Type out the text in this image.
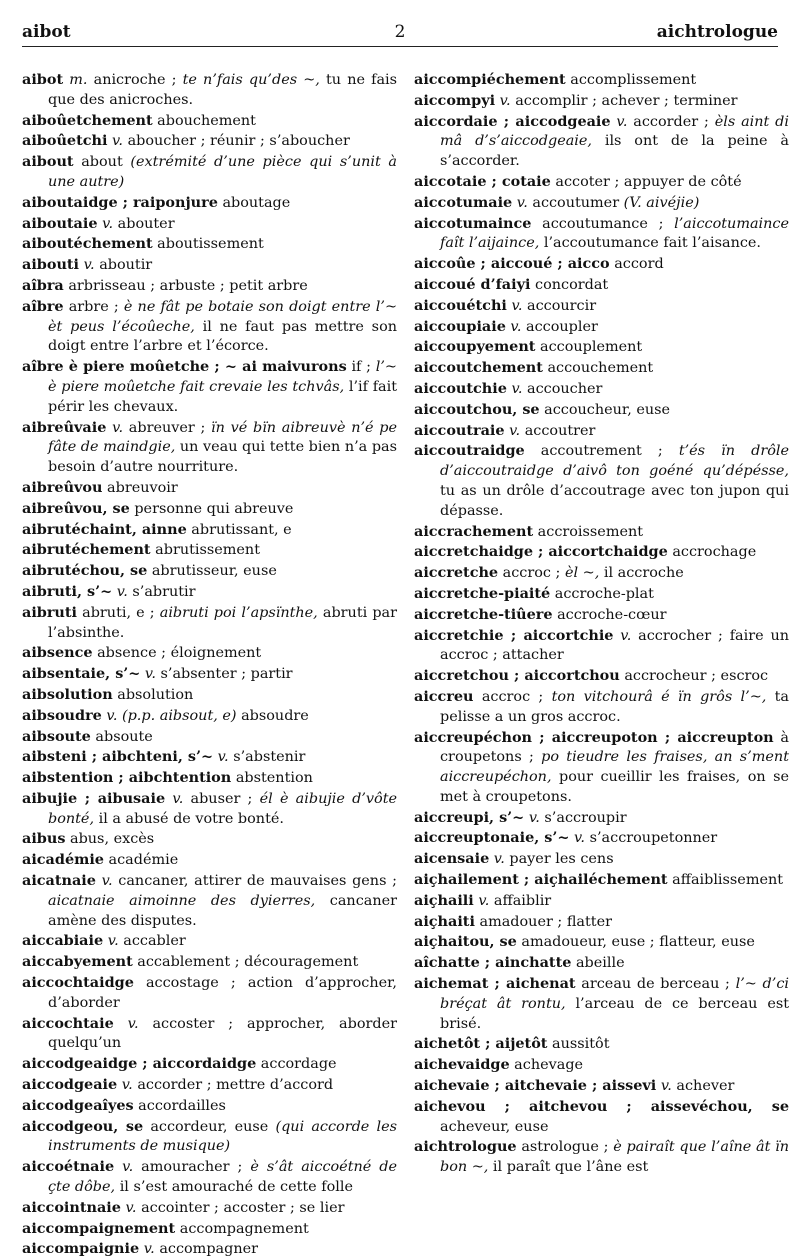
aibot	2	aichtrologue

aibot m. anicroche ; te n’fais qu’des ~, tu ne fais que des anicroches.

aiboûetchement abouchement

aiboûetchi v. aboucher ; réunir ; s’aboucher

aibout about (extrémité d’une pièce qui s’unit à une autre)

aiboutaidge ; raiponjure aboutage

aiboutaie v. abouter

aiboutéchement aboutissement

aibouti v. aboutir

aîbra arbrisseau ; arbuste ; petit arbre

aîbre arbre ; è ne fât pe botaie son doigt entre l’~ èt peus l’écoûeche, il ne faut pas mettre son doigt entre l’arbre et l’écorce.

aîbre è piere moûetche ; ~ ai maivurons if ; l’~ è piere moûetche fait crevaie les tchvâs, l’if fait périr les chevaux.

aibreûvaie v. abreuver ; ïn vé bïn aibreuvè n’é pe fâte de maindgie, un veau qui tette bien n’a pas besoin d’autre nourriture.

aibreûvou abreuvoir

aibreûvou, se personne qui abreuve

aibrutéchaint, ainne abrutissant, e

aibrutéchement abrutissement

aibrutéchou, se abrutisseur, euse

aibruti, s’~ v. s’abrutir

aibruti abruti, e ; aibruti poi l’apsïnthe, abruti par l’absinthe.

aibsence absence ; éloignement

aibsentaie, s’~ v. s’absenter ; partir

aibsolution absolution

aibsoudre v. (p.p. aibsout, e) absoudre

aibsoute absoute

aibsteni ; aibchteni, s’~ v. s’abstenir

aibstention ; aibchtention abstention

aibujie ; aibusaie v. abuser ; él è aibujie d’vôte bonté, il a abusé de votre bonté.

aibus abus, excès

aicadémie académie

aicatnaie v. cancaner, attirer de mauvaises gens ; aicatnaie aimoinne des dyierres, cancaner amène des disputes.

aiccabiaie v. accabler

aiccabyement accablement ; découragement

aiccochtaidge accostage ; action d’approcher, d’aborder

aiccochtaie v. accoster ; approcher, aborder quelqu’un

aiccodgeaidge ; aiccordaidge accordage

aiccodgeaie v. accorder ; mettre d’accord

aiccodgeaîyes accordailles

aiccodgeou, se accordeur, euse (qui accorde les instruments de musique)

aiccoétnaie v. amouracher ; è s’ât aiccoétné de çte dôbe, il s’est amouraché de cette folle

aiccointnaie v. accointer ; accoster ; se lier

aiccompaignement accompagnement

aiccompaignie v. accompagner

aiccompiéchement accomplissement

aiccompyi v. accomplir ; achever ; terminer

aiccordaie ; aiccodgeaie v. accorder ; èls aint di mâ d’s’aiccodgeaie, ils ont de la peine à s’accorder.

aiccotaie ; cotaie accoter ; appuyer de côté

aiccotumaie v. accoutumer (V. aivéjie)

aiccotumaince accoutumance ; l’aiccotumaince faît l’aijaince, l’accoutumance fait l’aisance.

aiccoûe ; aiccoué ; aicco accord

aiccoué d’faiyi concordat

aiccouétchi v. accourcir

aiccoupiaie v. accoupler

aiccoupyement accouplement

aiccoutchement accouchement

aiccoutchie v. accoucher

aiccoutchou, se accoucheur, euse

aiccoutraie v. accoutrer

aiccoutraidge accoutrement ; t’és ïn drôle d’aiccoutraidge d’aivô ton goéné qu’dépésse, tu as un drôle d’accoutrage avec ton jupon qui dépasse.

aiccrachement accroissement

aiccretchaidge ; aiccortchaidge accrochage

aiccretche accroc ; èl ~, il accroche

aiccretche-piaité accroche-plat

aiccretche-tiûere accroche-cœur

aiccretchie ; aiccortchie v. accrocher ; faire un accroc ; attacher

aiccretchou ; aiccortchou accrocheur ; escroc

aiccreu accroc ; ton vitchourâ é ïn grôs l’~, ta pelisse a un gros accroc.

aiccreupéchon ; aiccreupoton ; aiccreupton à croupetons ; po tieudre les fraises, an s’ment aiccreupéchon, pour cueillir les fraises, on se met à croupetons.

aiccreupi, s’~ v. s’accroupir

aiccreuptonaie, s’~ v. s’accroupetonner

aicensaie v. payer les cens

aiçhailement ; aiçhailéchement affaiblissement

aiçhaili v. affaiblir

aiçhaiti amadouer ; flatter

aiçhaitou, se amadoueur, euse ; flatteur, euse

aîchatte ; ainchatte abeille

aichemat ; aichenat arceau de berceau ; l’~ d’ci bréçat ât rontu, l’arceau de ce berceau est brisé.

aichetôt ; aijetôt aussitôt

aichevaidge achevage

aichevaie ; aitchevaie ; aissevi v. achever

aichevou ; aitchevou ; aissevéchou, se acheveur, euse

aichtrologue astrologue ; è pairaît que l’aîne ât ïn bon ~, il paraît que l’âne est
